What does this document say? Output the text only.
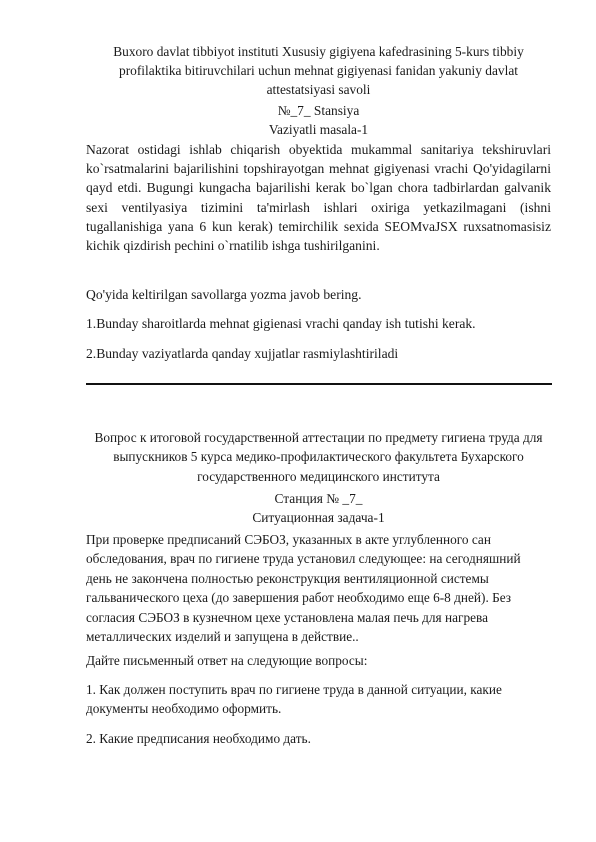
Buxoro davlat tibbiyot instituti Xususiy gigiyena kafedrasining 5-kurs tibbiy profilaktika bitiruvchilari uchun mehnat gigiyenasi fanidan yakuniy davlat attestatsiyasi savoli
№_7_ Stansiya
Vaziyatli masala-1
Nazorat ostidagi ishlab chiqarish obyektida mukammal sanitariya tekshiruvlari ko`rsatmalarini bajarilishini topshirayotgan mehnat gigiyenasi vrachi Qo'yidagilarni qayd etdi. Bugungi kungacha bajarilishi kerak bo`lgan chora tadbirlardan galvanik sexi ventilyasiya tizimini ta'mirlash ishlari oxiriga yetkazilmagani (ishni tugallanishiga yana 6 kun kerak) temirchilik sexida SEOMvaJSX ruxsatnomasisiz kichik qizdirish pechini o`rnatilib ishga tushirilganini.
Qo'yida keltirilgan savollarga yozma javob bering.
1.Bunday sharoitlarda mehnat gigienasi vrachi qanday ish tutishi kerak.
2.Bunday vaziyatlarda qanday xujjatlar rasmiylashtiriladi
Вопрос к итоговой государственной аттестации по предмету гигиена труда для выпускников 5 курса медико-профилактического факультета Бухарского государственного медицинского института
Станция № _7_
Ситуационная задача-1
При проверке предписаний СЭБОЗ, указанных в акте углубленного сан обследования, врач по гигиене труда установил следующее: на сегодняшний день не закончена полностью реконструкция вентиляционной системы гальванического цеха (до завершения работ необходимо еще 6-8 дней). Без согласия СЭБОЗ в кузнечном цехе установлена малая печь для нагрева металлических изделий и запущена в действие..
Дайте письменный ответ на следующие вопросы:
1. Как должен поступить врач по гигиене труда в данной ситуации, какие документы необходимо оформить.
2. Какие предписания необходимо дать.
